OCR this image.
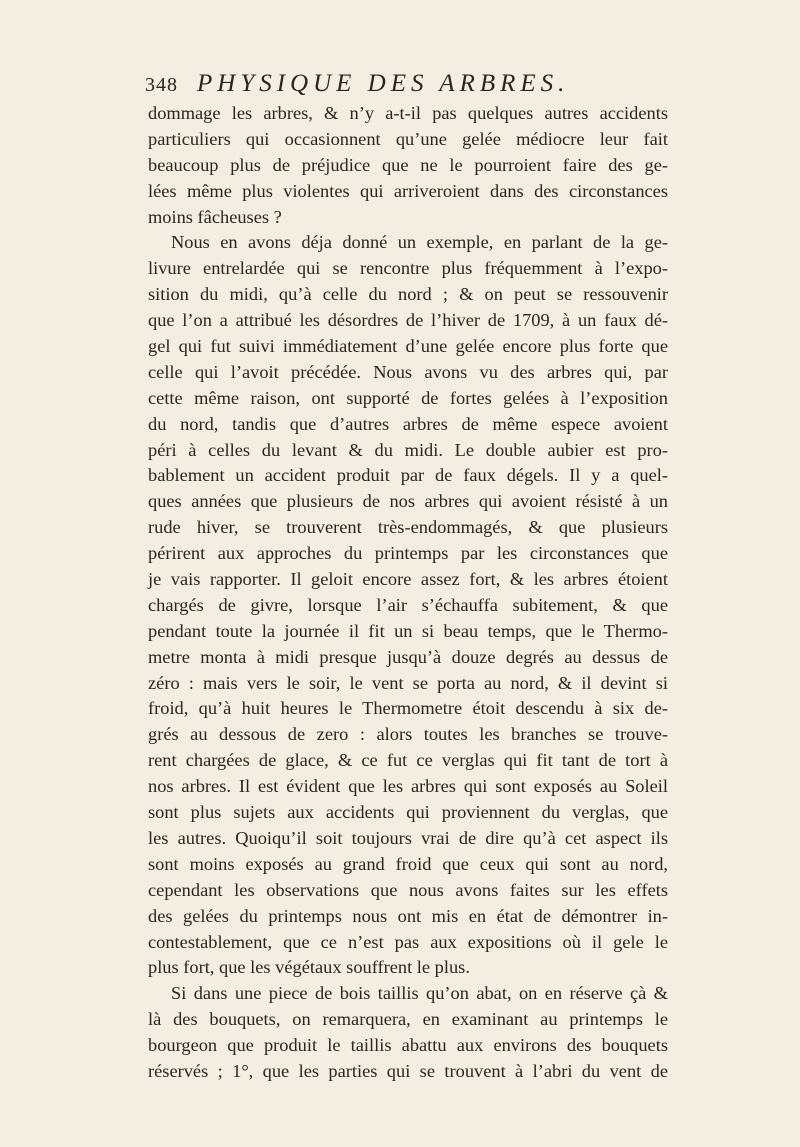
348 PHYSIQUE DES ARBRES.
dommage les arbres, & n’y a-t-il pas quelques autres accidents
particuliers qui occasionnent qu’une gelée médiocre leur fait
beaucoup plus de préjudice que ne le pourroient faire des ge-
lées même plus violentes qui arriveroient dans des circonstances
moins fâcheuses ?
Nous en avons déja donné un exemple, en parlant de la ge-
livure entrelardée qui se rencontre plus fréquemment à l’expo-
sition du midi, qu’à celle du nord ; & on peut se ressouvenir
que l’on a attribué les désordres de l’hiver de 1709, à un faux dé-
gel qui fut suivi immédiatement d’une gelée encore plus forte que
celle qui l’avoit précédée. Nous avons vu des arbres qui, par
cette même raison, ont supporté de fortes gelées à l’exposition
du nord, tandis que d’autres arbres de même espece avoient
péri à celles du levant & du midi. Le double aubier est pro-
bablement un accident produit par de faux dégels. Il y a quel-
ques années que plusieurs de nos arbres qui avoient résisté à un
rude hiver, se trouverent très-endommagés, & que plusieurs
périrent aux approches du printemps par les circonstances que
je vais rapporter. Il geloit encore assez fort, & les arbres étoient
chargés de givre, lorsque l’air s’échauffa subitement, & que
pendant toute la journée il fit un si beau temps, que le Thermo-
metre monta à midi presque jusqu’à douze degrés au dessus de
zéro : mais vers le soir, le vent se porta au nord, & il devint si
froid, qu’à huit heures le Thermometre étoit descendu à six de-
grés au dessous de zero : alors toutes les branches se trouve-
rent chargées de glace, & ce fut ce verglas qui fit tant de tort à
nos arbres. Il est évident que les arbres qui sont exposés au Soleil
sont plus sujets aux accidents qui proviennent du verglas, que
les autres. Quoiqu’il soit toujours vrai de dire qu’à cet aspect ils
sont moins exposés au grand froid que ceux qui sont au nord,
cependant les observations que nous avons faites sur les effets
des gelées du printemps nous ont mis en état de démontrer in-
contestablement, que ce n’est pas aux expositions où il gele le
plus fort, que les végétaux souffrent le plus.
Si dans une piece de bois taillis qu’on abat, on en réserve çà &
là des bouquets, on remarquera, en examinant au printemps le
bourgeon que produit le taillis abattu aux environs des bouquets
réservés ; 1°, que les parties qui se trouvent à l’abri du vent de
